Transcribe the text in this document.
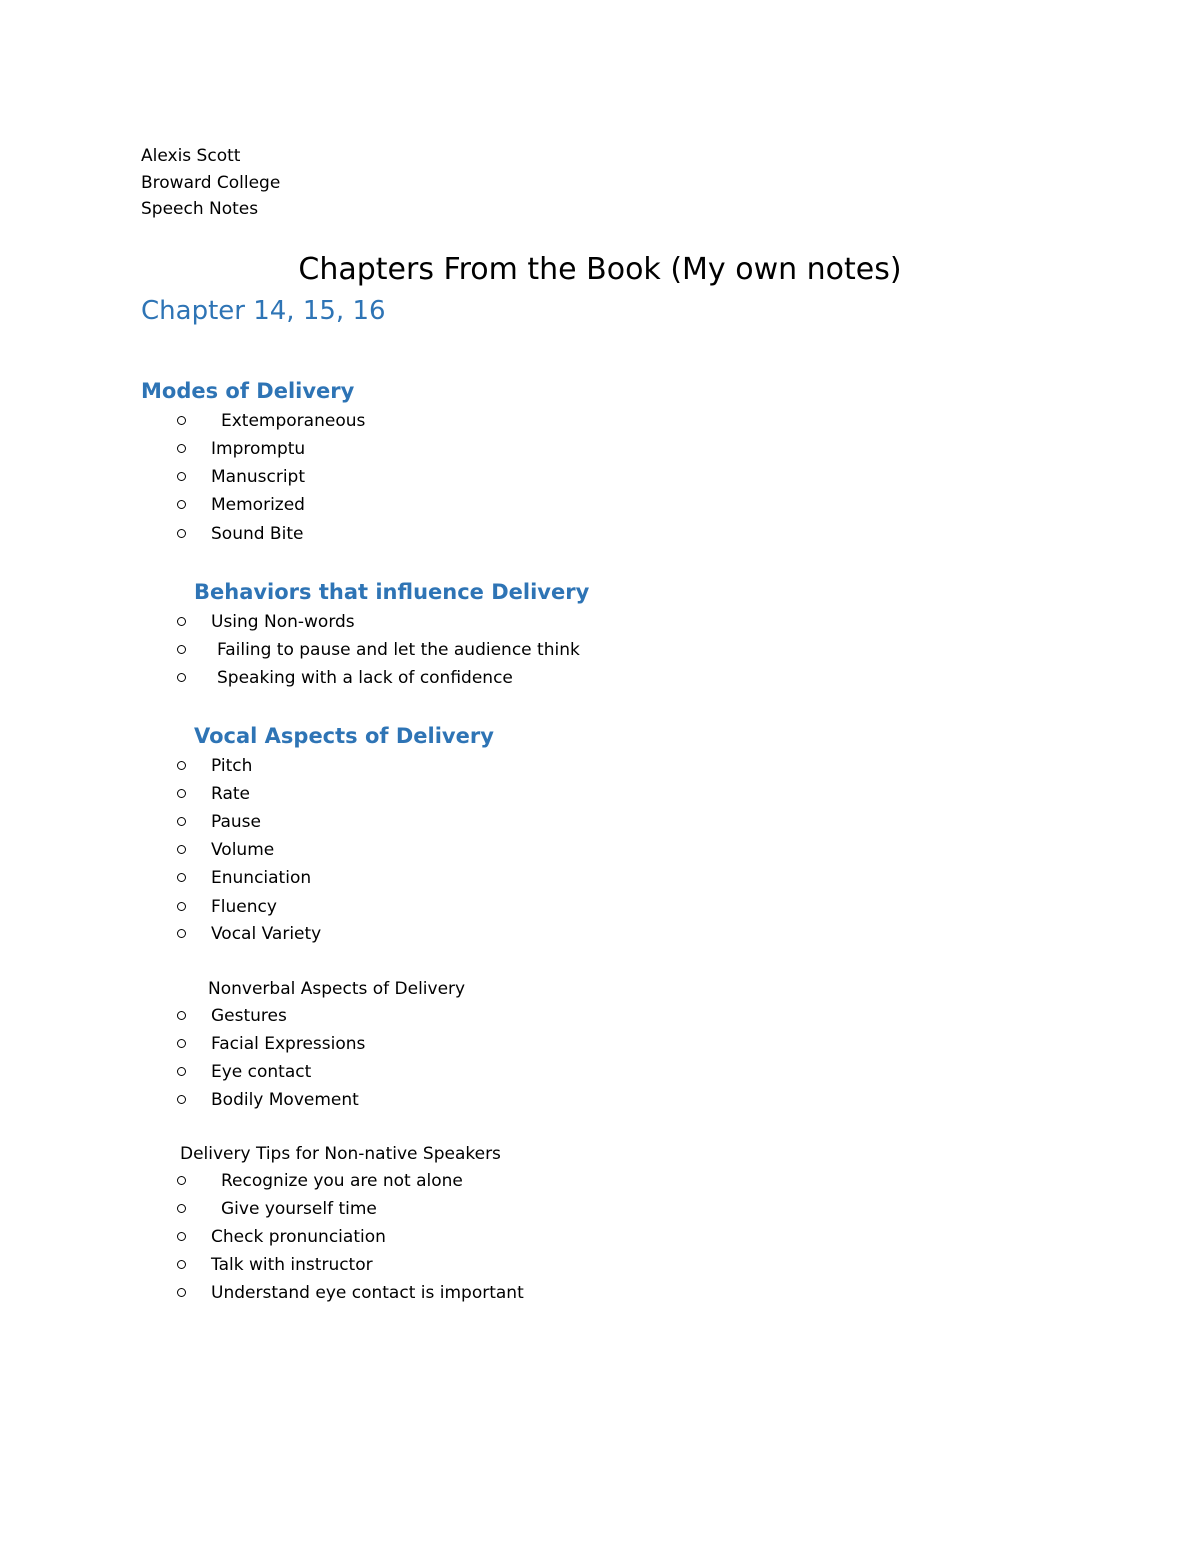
Alexis Scott
Broward College
Speech Notes
Chapters From the Book (My own notes)
Chapter 14, 15, 16
Modes of Delivery
Extemporaneous
Impromptu
Manuscript
Memorized
Sound Bite
Behaviors that influence Delivery
Using Non-words
Failing to pause and let the audience think
Speaking with a lack of confidence
Vocal Aspects of Delivery
Pitch
Rate
Pause
Volume
Enunciation
Fluency
Vocal Variety
Nonverbal Aspects of Delivery
Gestures
Facial Expressions
Eye contact
Bodily Movement
Delivery Tips for Non-native Speakers
Recognize you are not alone
Give yourself time
Check pronunciation
Talk with instructor
Understand eye contact is important
